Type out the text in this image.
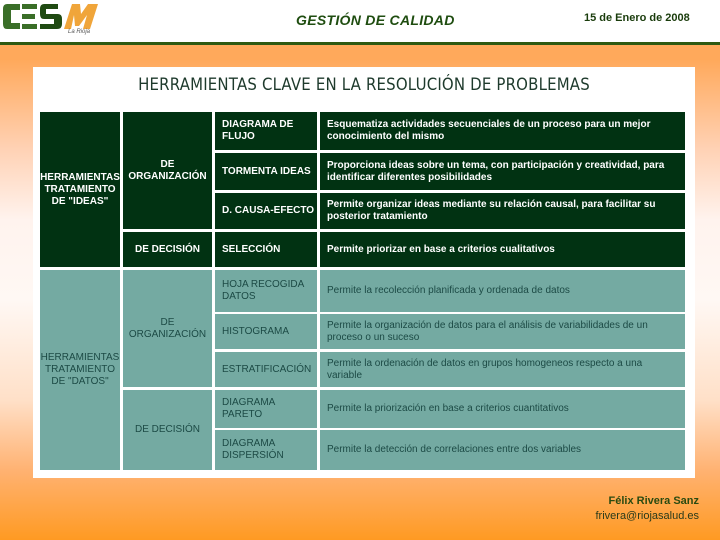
La Rioja
GESTIÓN DE CALIDAD	15 de Enero de 2008
HERRAMIENTAS CLAVE EN LA RESOLUCIÓN DE PROBLEMAS
HERRAMIENTAS TRATAMIENTO DE "IDEAS"
DE ORGANIZACIÓN
DE DECISIÓN
DIAGRAMA DE FLUJO
Esquematiza actividades secuenciales de un proceso para un mejor conocimiento del mismo
TORMENTA IDEAS
Proporciona ideas sobre un tema, con participación y creatividad, para identificar diferentes posibilidades
D. CAUSA-EFECTO
Permite organizar ideas mediante su relación causal, para facilitar su posterior tratamiento
SELECCIÓN	Permite priorizar en base a criterios cualitativos
HERRAMIENTAS TRATAMIENTO DE "DATOS"
DE ORGANIZACIÓN
DE DECISIÓN
HOJA RECOGIDA DATOS
Permite la recolección planificada y ordenada de datos
HISTOGRAMA
Permite la organización de datos para el análisis de variabilidades de un proceso o un suceso
ESTRATIFICACIÓN
Permite la ordenación de datos en grupos homogeneos respecto a una variable
DIAGRAMA PARETO
Permite la priorización en base a criterios cuantitativos
DIAGRAMA DISPERSIÓN
Permite la detección de correlaciones entre dos variables
Félix Rivera Sanz
frivera@riojasalud.es
